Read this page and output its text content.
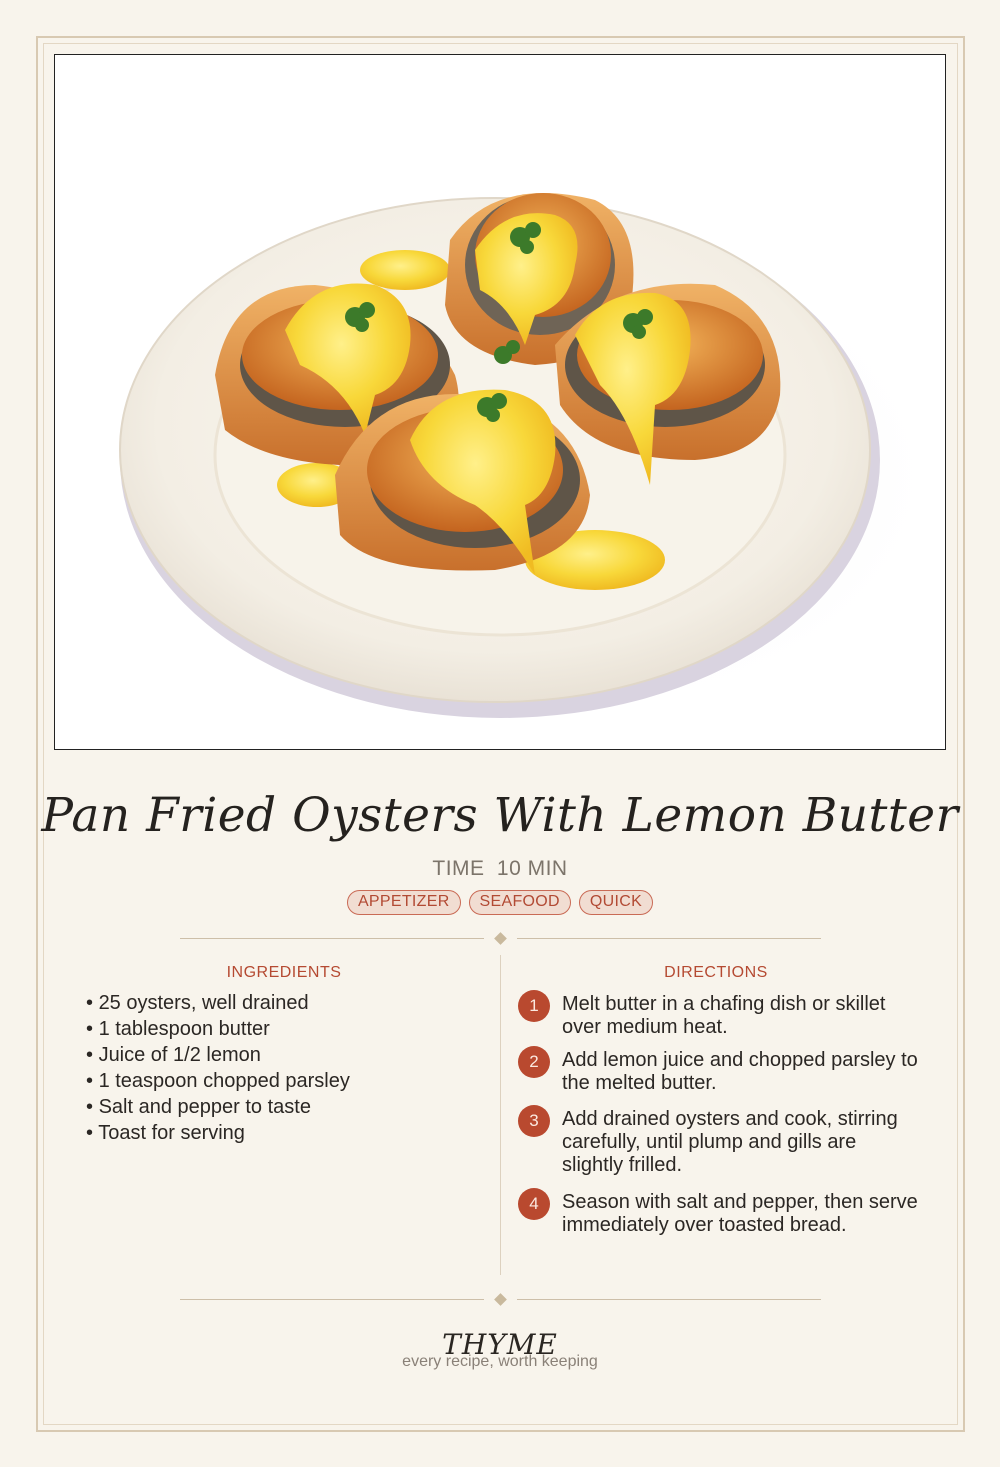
Pan Fried Oysters With Lemon Butter
TIME 10 MIN
APPETIZER	SEAFOOD	QUICK
INGREDIENTS
• 25 oysters, well drained
• 1 tablespoon butter
• Juice of 1/2 lemon
• 1 teaspoon chopped parsley
• Salt and pepper to taste
• Toast for serving
DIRECTIONS
1	Melt butter in a chafing dish or skillet over medium heat.
2	Add lemon juice and chopped parsley to the melted butter.
3	Add drained oysters and cook, stirring carefully, until plump and gills are slightly frilled.
4	Season with salt and pepper, then serve immediately over toasted bread.
THYME
every recipe, worth keeping
